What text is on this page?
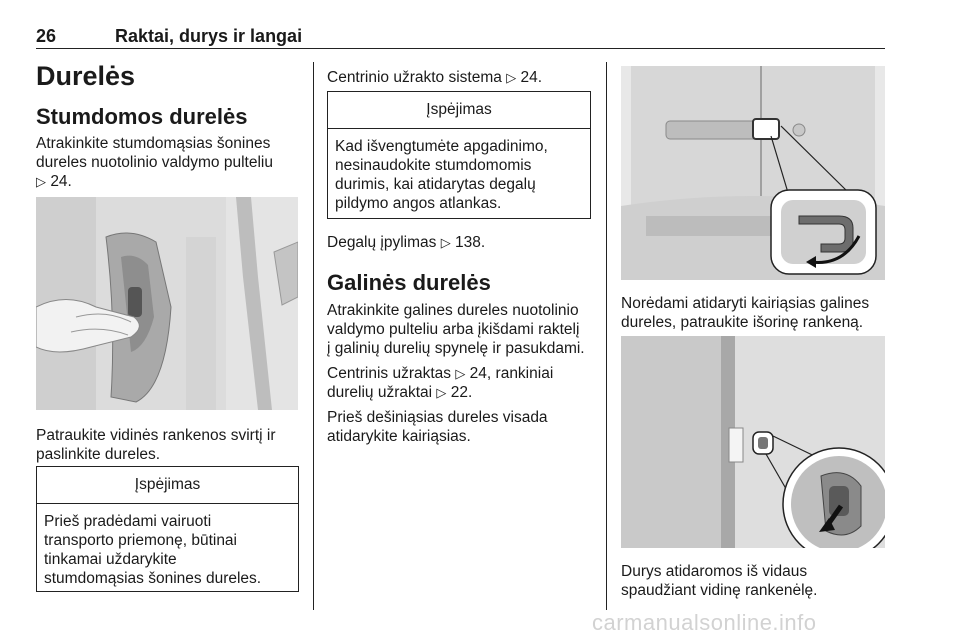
26	Raktai, durys ir langai
Durelės
Stumdomos durelės
Atrakinkite stumdomąsias šonines
dureles nuotolinio valdymo pulteliu
▷ 24.
Patraukite vidinės rankenos svirtį ir
paslinkite dureles.
Įspėjimas
Prieš pradėdami vairuoti
transporto priemonę, būtinai
tinkamai uždarykite
stumdomąsias šonines dureles.
Centrinio užrakto sistema ▷ 24.
Įspėjimas
Kad išvengtumėte apgadinimo,
nesinaudokite stumdomomis
durimis, kai atidarytas degalų
pildymo angos atlankas.
Degalų įpylimas ▷ 138.
Galinės durelės
Atrakinkite galines dureles nuotolinio
valdymo pulteliu arba įkišdami raktelį
į galinių durelių spynelę ir pasukdami.
Centrinis užraktas ▷ 24, rankiniai
durelių užraktai ▷ 22.
Prieš dešiniąsias dureles visada
atidarykite kairiąsias.
Norėdami atidaryti kairiąsias galines
dureles, patraukite išorinę rankeną.
Durys atidaromos iš vidaus
spaudžiant vidinę rankenėlę.
carmanualsonline.info
